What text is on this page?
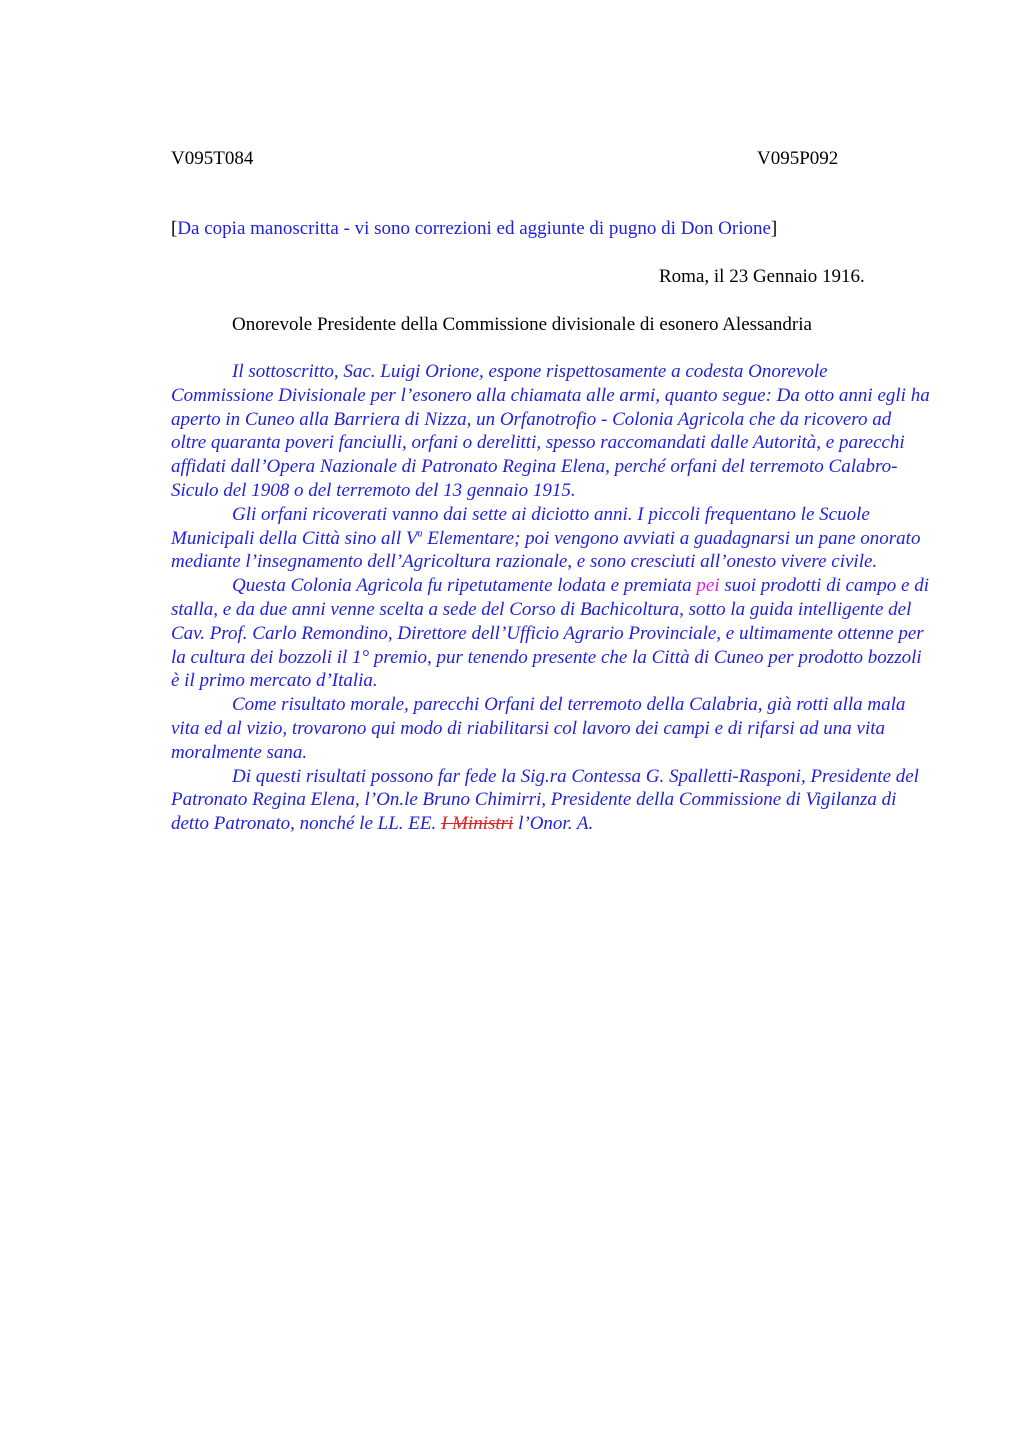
V095T084	V095P092
[Da copia manoscritta - vi sono correzioni ed aggiunte di pugno di Don Orione]
Roma, il 23 Gennaio 1916.
Onorevole Presidente della Commissione divisionale di esonero Alessandria

Il sottoscritto, Sac. Luigi Orione, espone rispettosamente a codesta Onorevole Commissione Divisionale per l’esonero alla chiamata alle armi, quanto segue: Da otto anni egli ha aperto in Cuneo alla Barriera di Nizza, un Orfanotrofio - Colonia Agricola che da ricovero ad oltre quaranta poveri fanciulli, orfani o derelitti, spesso raccomandati dalle Autorità, e parecchi affidati dall’Opera Nazionale di Patronato Regina Elena, perché orfani del terremoto Calabro-Siculo del 1908 o del terremoto del 13 gennaio 1915.

Gli orfani ricoverati vanno dai sette ai diciotto anni. I piccoli frequentano le Scuole Municipali della Città sino all $V^a$ Elementare; poi vengono avviati a guadagnarsi un pane onorato mediante l’insegnamento dell’Agricoltura razionale, e sono cresciuti all’onesto vivere civile.

Questa Colonia Agricola fu ripetutamente lodata e premiata pei suoi prodotti di campo e di stalla, e da due anni venne scelta a sede del Corso di Bachicoltura, sotto la guida intelligente del Cav. Prof. Carlo Remondino, Direttore dell’Ufficio Agrario Provinciale, e ultimamente ottenne per la cultura dei bozzoli il 1° premio, pur tenendo presente che la Città di Cuneo per prodotto bozzoli è il primo mercato d’Italia.

Come risultato morale, parecchi Orfani del terremoto della Calabria, già rotti alla mala vita ed al vizio, trovarono qui modo di riabilitarsi col lavoro dei campi e di rifarsi ad una vita moralmente sana.

Di questi risultati possono far fede la Sig.ra Contessa G. Spalletti-Rasponi, Presidente del Patronato Regina Elena, l’On.le Bruno Chimirri, Presidente della Commissione di Vigilanza di detto Patronato, nonché le LL. EE. I Ministri l’Onor. A.
